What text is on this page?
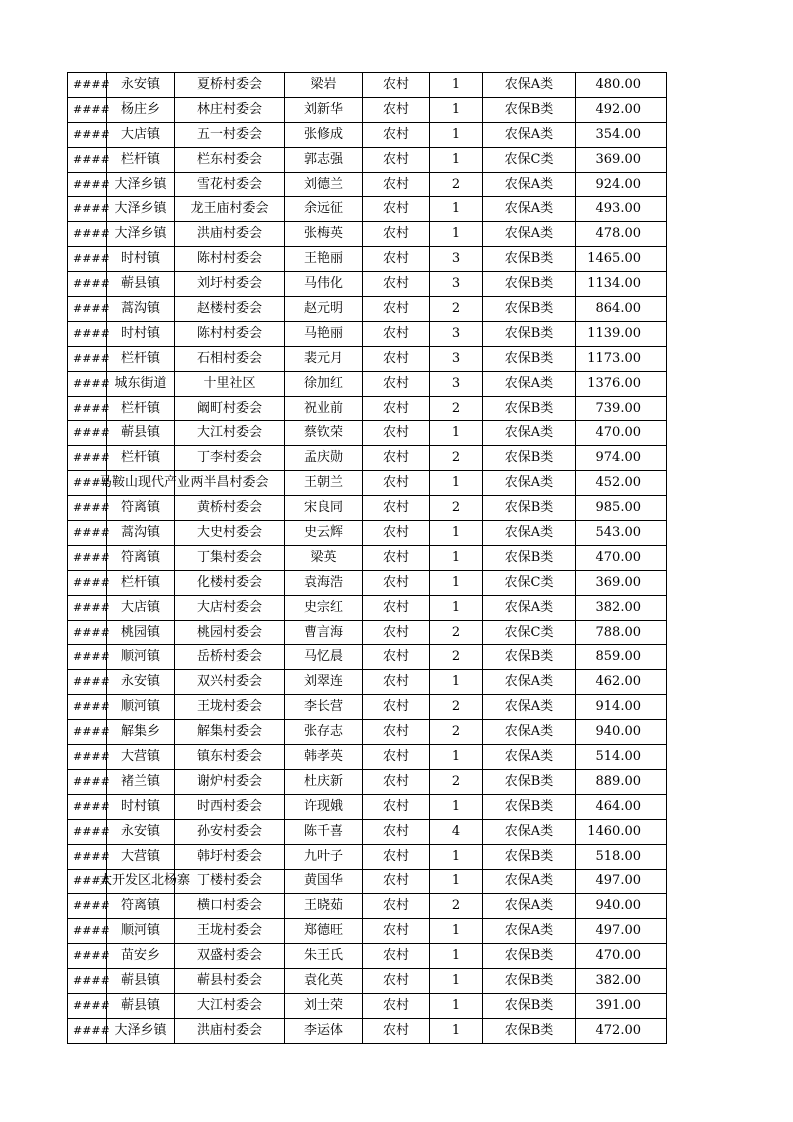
####	永安镇	夏桥村委会	梁岩	农村	1	农保A类	480.00
####	杨庄乡	林庄村委会	刘新华	农村	1	农保B类	492.00
####	大店镇	五一村委会	张修成	农村	1	农保A类	354.00
####	栏杆镇	栏东村委会	郭志强	农村	1	农保C类	369.00
####	大泽乡镇	雪花村委会	刘德兰	农村	2	农保A类	924.00
####	大泽乡镇	龙王庙村委会	余远征	农村	1	农保A类	493.00
####	大泽乡镇	洪庙村委会	张梅英	农村	1	农保A类	478.00
####	时村镇	陈村村委会	王艳丽	农村	3	农保B类	1465.00
####	蕲县镇	刘圩村委会	马伟化	农村	3	农保B类	1134.00
####	蒿沟镇	赵楼村委会	赵元明	农村	2	农保B类	864.00
####	时村镇	陈村村委会	马艳丽	农村	3	农保B类	1139.00
####	栏杆镇	石相村委会	裴元月	农村	3	农保B类	1173.00
####	城东街道	十里社区	徐加红	农村	3	农保A类	1376.00
####	栏杆镇	阚町村委会	祝业前	农村	2	农保B类	739.00
####	蕲县镇	大江村委会	蔡钦荣	农村	1	农保A类	470.00
####	栏杆镇	丁李村委会	孟庆勋	农村	2	农保B类	974.00
####	马鞍山现代产业	两半昌村委会	王朝兰	农村	1	农保A类	452.00
####	符离镇	黄桥村委会	宋良同	农村	2	农保B类	985.00
####	蒿沟镇	大史村委会	史云辉	农村	1	农保A类	543.00
####	符离镇	丁集村委会	梁英	农村	1	农保B类	470.00
####	栏杆镇	化楼村委会	袁海浩	农村	1	农保C类	369.00
####	大店镇	大店村委会	史宗红	农村	1	农保A类	382.00
####	桃园镇	桃园村委会	曹言海	农村	2	农保C类	788.00
####	顺河镇	岳桥村委会	马忆晨	农村	2	农保B类	859.00
####	永安镇	双兴村委会	刘翠连	农村	1	农保A类	462.00
####	顺河镇	王垅村委会	李长营	农村	2	农保A类	914.00
####	解集乡	解集村委会	张存志	农村	2	农保A类	940.00
####	大营镇	镇东村委会	韩孝英	农村	1	农保A类	514.00
####	褚兰镇	谢炉村委会	杜庆新	农村	2	农保B类	889.00
####	时村镇	时西村委会	许现娥	农村	1	农保B类	464.00
####	永安镇	孙安村委会	陈千喜	农村	4	农保A类	1460.00
####	大营镇	韩圩村委会	九叶子	农村	1	农保B类	518.00
####	大开发区北杨寨	丁楼村委会	黄国华	农村	1	农保A类	497.00
####	符离镇	横口村委会	王晓茹	农村	2	农保A类	940.00
####	顺河镇	王垅村委会	郑德旺	农村	1	农保A类	497.00
####	苗安乡	双盛村委会	朱王氏	农村	1	农保B类	470.00
####	蕲县镇	蕲县村委会	袁化英	农村	1	农保B类	382.00
####	蕲县镇	大江村委会	刘士荣	农村	1	农保B类	391.00
####	大泽乡镇	洪庙村委会	李运体	农村	1	农保B类	472.00
